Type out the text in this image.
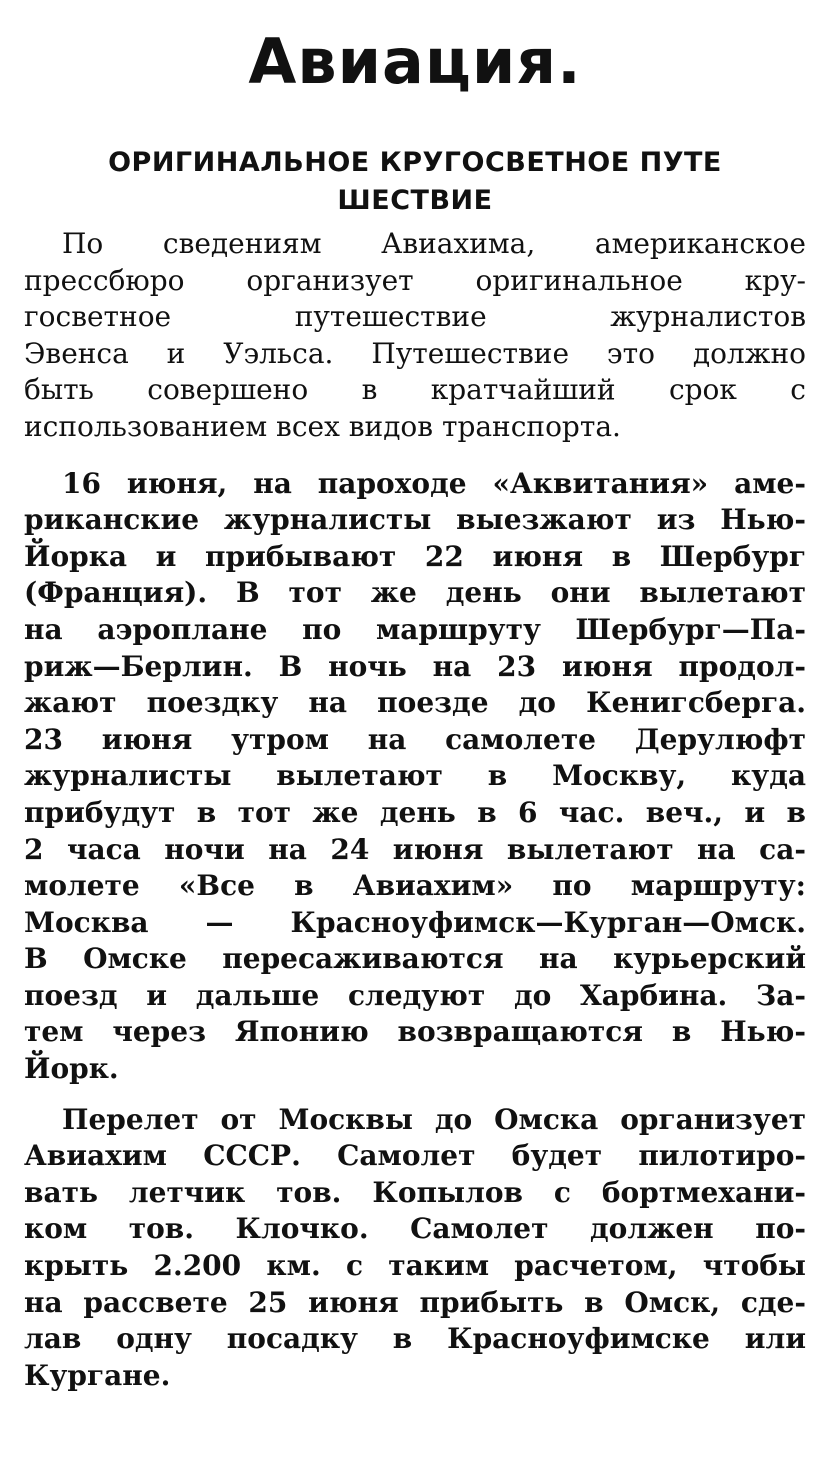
Авиация.
ОРИГИНАЛЬНОЕ КРУГОСВЕТНОЕ ПУТЕ
ШЕСТВИЕ
По сведениям Авиахима, американское
прессбюро организует оригинальное кру-
госветное путешествие журналистов
Эвенса и Уэльса. Путешествие это должно
быть совершено в кратчайший срок с
использованием всех видов транспорта.
16 июня, на пароходе «Аквитания» аме-
риканские журналисты выезжают из Нью-
Йорка и прибывают 22 июня в Шербург
(Франция). В тот же день они вылетают
на аэроплане по маршруту Шербург—Па-
риж—Берлин. В ночь на 23 июня продол-
жают поездку на поезде до Кенигсберга.
23 июня утром на самолете Дерулюфт
журналисты вылетают в Москву, куда
прибудут в тот же день в 6 час. веч., и в
2 часа ночи на 24 июня вылетают на са-
молете «Все в Авиахим» по маршруту:
Москва — Красноуфимск—Курган—Омск.
В Омске пересаживаются на курьерский
поезд и дальше следуют до Харбина. За-
тем через Японию возвращаются в Нью-
Йорк.
Перелет от Москвы до Омска организует
Авиахим СССР. Самолет будет пилотиро-
вать летчик тов. Копылов с бортмехани-
ком тов. Клочко. Самолет должен по-
крыть 2.200 км. с таким расчетом, чтобы
на рассвете 25 июня прибыть в Омск, сде-
лав одну посадку в Красноуфимске или
Кургане.
